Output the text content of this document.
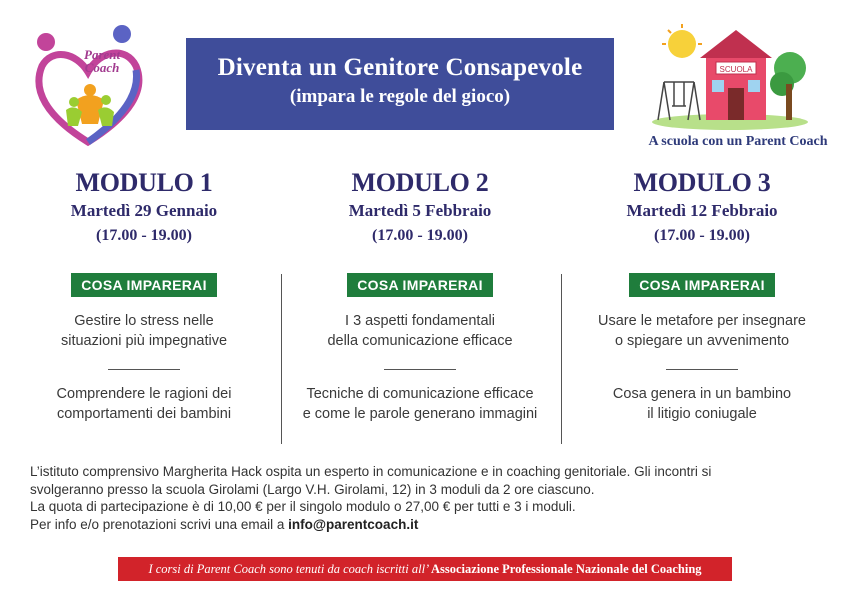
Parent
Coach	Diventa un Genitore Consapevole
(impara le regole del gioco)
SCUOLA
A scuola con un Parent Coach
MODULO 1
Martedì 29 Gennaio
(17.00 - 19.00)
COSA IMPARERAI
Gestire lo stress nelle
situazioni più impegnative
Comprendere le ragioni dei
comportamenti dei bambini
MODULO 2
Martedì 5 Febbraio
(17.00 - 19.00)
COSA IMPARERAI
I 3 aspetti fondamentali
della comunicazione efficace
Tecniche di comunicazione efficace
e come le parole generano immagini
MODULO 3
Martedì 12 Febbraio
(17.00 - 19.00)
COSA IMPARERAI
Usare le metafore per insegnare
o spiegare un avvenimento
Cosa genera in un bambino
il litigio coniugale
L’istituto comprensivo Margherita Hack ospita un esperto in comunicazione e in coaching genitoriale. Gli incontri si
svolgeranno presso la scuola Girolami (Largo V.H. Girolami, 12) in 3 moduli da 2 ore ciascuno.
La quota di partecipazione è di 10,00 € per il singolo modulo o 27,00 € per tutti e 3 i moduli.
Per info e/o prenotazioni scrivi una email a info@parentcoach.it
I corsi di Parent Coach sono tenuti da coach iscritti all’ Associazione Professionale Nazionale del Coaching
